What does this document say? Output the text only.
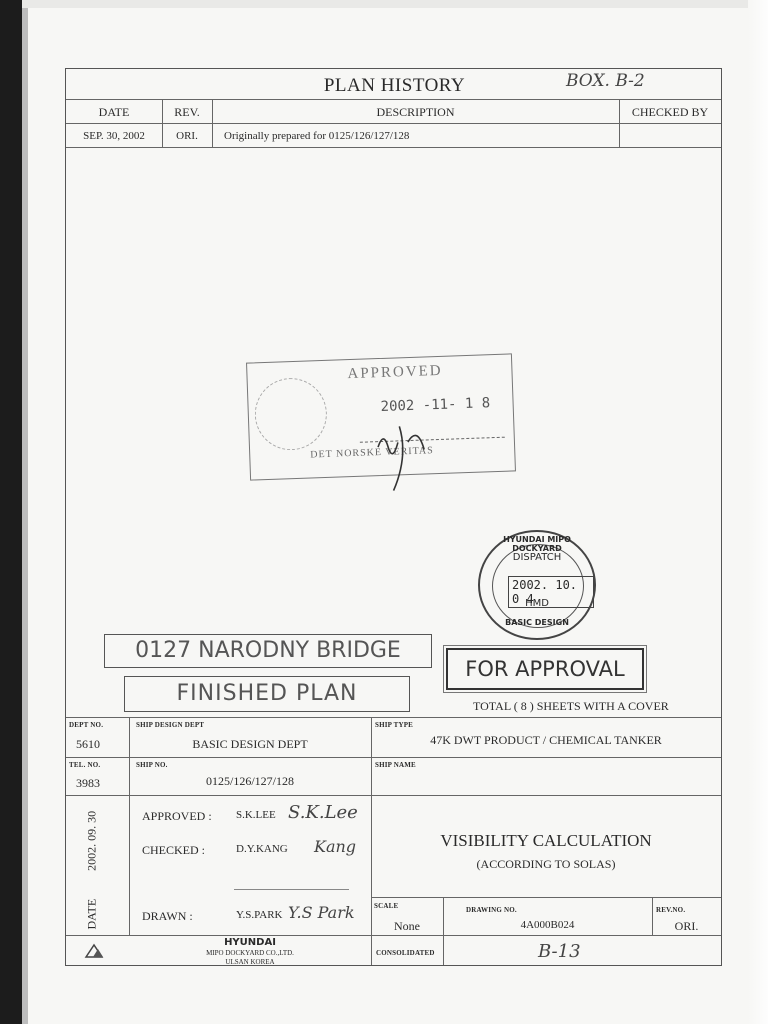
PLAN HISTORY	BOX. B-2
DATE	REV.	DESCRIPTION	CHECKED BY
SEP. 30, 2002	ORI.	Originally prepared for 0125/126/127/128
TOTAL ( 8 ) SHEETS WITH A COVER
DEPT NO.
5610
SHIP DESIGN DEPT
BASIC DESIGN DEPT
SHIP TYPE
47K DWT PRODUCT / CHEMICAL TANKER
TEL. NO.
3983
SHIP NO.
0125/126/127/128
SHIP NAME
DATE  2002. 09. 30	APPROVED : S.K.LEE S.K.Lee
CHECKED :	D.Y.KANG Kang
DRAWN :	Y.S.PARK Y.S Park
VISIBILITY CALCULATION
(ACCORDING TO SOLAS)
SCALE
None
DRAWING NO.
4A000B024
REV.NO.
ORI.
HYUNDAI
MIPO DOCKYARD CO.,LTD.
ULSAN KOREA
CONSOLIDATED	B-13
APPROVED
2002 -11- 1 8
DET NORSKE VERITAS
HYUNDAI MIPO DOCKYARD
DISPATCH
2002. 10. 0 4
HMD
BASIC DESIGN
0127 NARODNY BRIDGE
FINISHED PLAN
FOR APPROVAL
